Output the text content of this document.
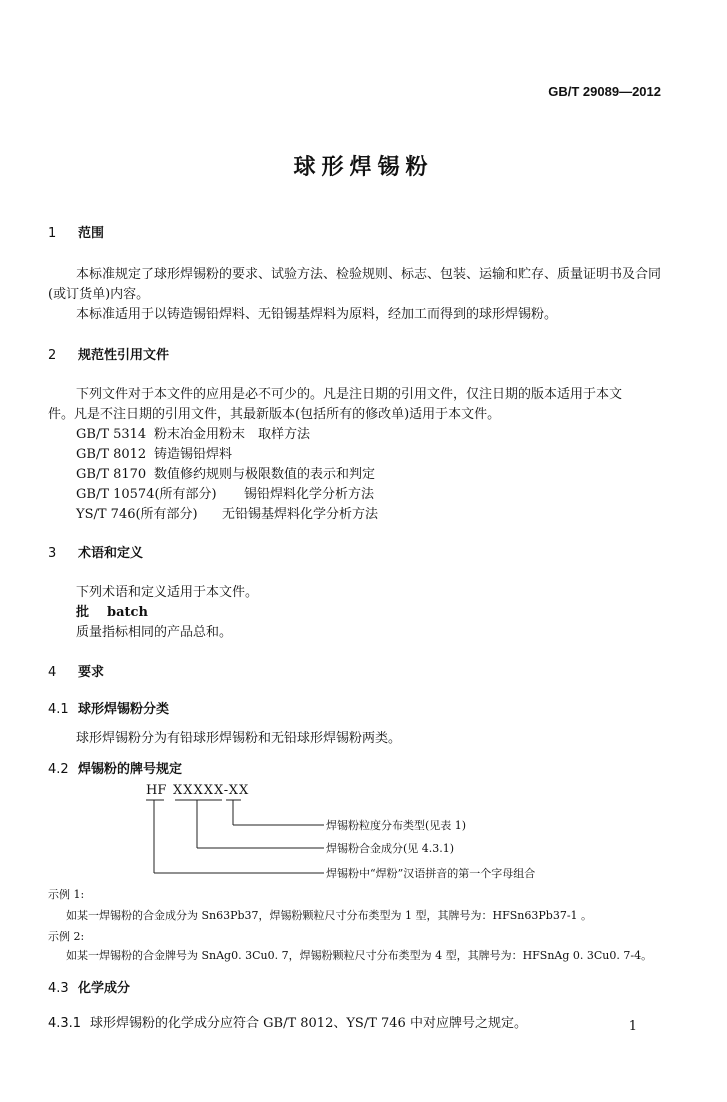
GB/T 29089—2012
球形焊锡粉
1 范围
本标准规定了球形焊锡粉的要求、试验方法、检验规则、标志、包装、运输和贮存、质量证明书及合同
(或订货单)内容。
本标准适用于以铸造锡铅焊料、无铅锡基焊料为原料，经加工而得到的球形焊锡粉。
2 规范性引用文件
下列文件对于本文件的应用是必不可少的。凡是注日期的引用文件，仅注日期的版本适用于本文
件。凡是不注日期的引用文件，其最新版本(包括所有的修改单)适用于本文件。
GB/T 5314 粉末冶金用粉末　取样方法
GB/T 8012 铸造锡铅焊料
GB/T 8170 数值修约规则与极限数值的表示和判定
GB/T 10574(所有部分) 锡铅焊料化学分析方法
YS/T 746(所有部分) 无铅锡基焊料化学分析方法
3 术语和定义
下列术语和定义适用于本文件。
批 batch
质量指标相同的产品总和。
4 要求
4.1 球形焊锡粉分类
球形焊锡粉分为有铅球形焊锡粉和无铅球形焊锡粉两类。
4.2 焊锡粉的牌号规定
HF XXXXX-XX
焊锡粉粒度分布类型(见表 1)
焊锡粉合金成分(见 4.3.1)
焊锡粉中“焊粉”汉语拼音的第一个字母组合
示例 1:
如某一焊锡粉的合金成分为 Sn63Pb37，焊锡粉颗粒尺寸分布类型为 1 型，其牌号为：HFSn63Pb37-1 。
示例 2:
如某一焊锡粉的合金牌号为 SnAg0. 3Cu0. 7，焊锡粉颗粒尺寸分布类型为 4 型，其牌号为：HFSnAg 0. 3Cu0. 7-4。
4.3 化学成分
4.3.1 球形焊锡粉的化学成分应符合 GB/T 8012、YS/T 746 中对应牌号之规定。	1
